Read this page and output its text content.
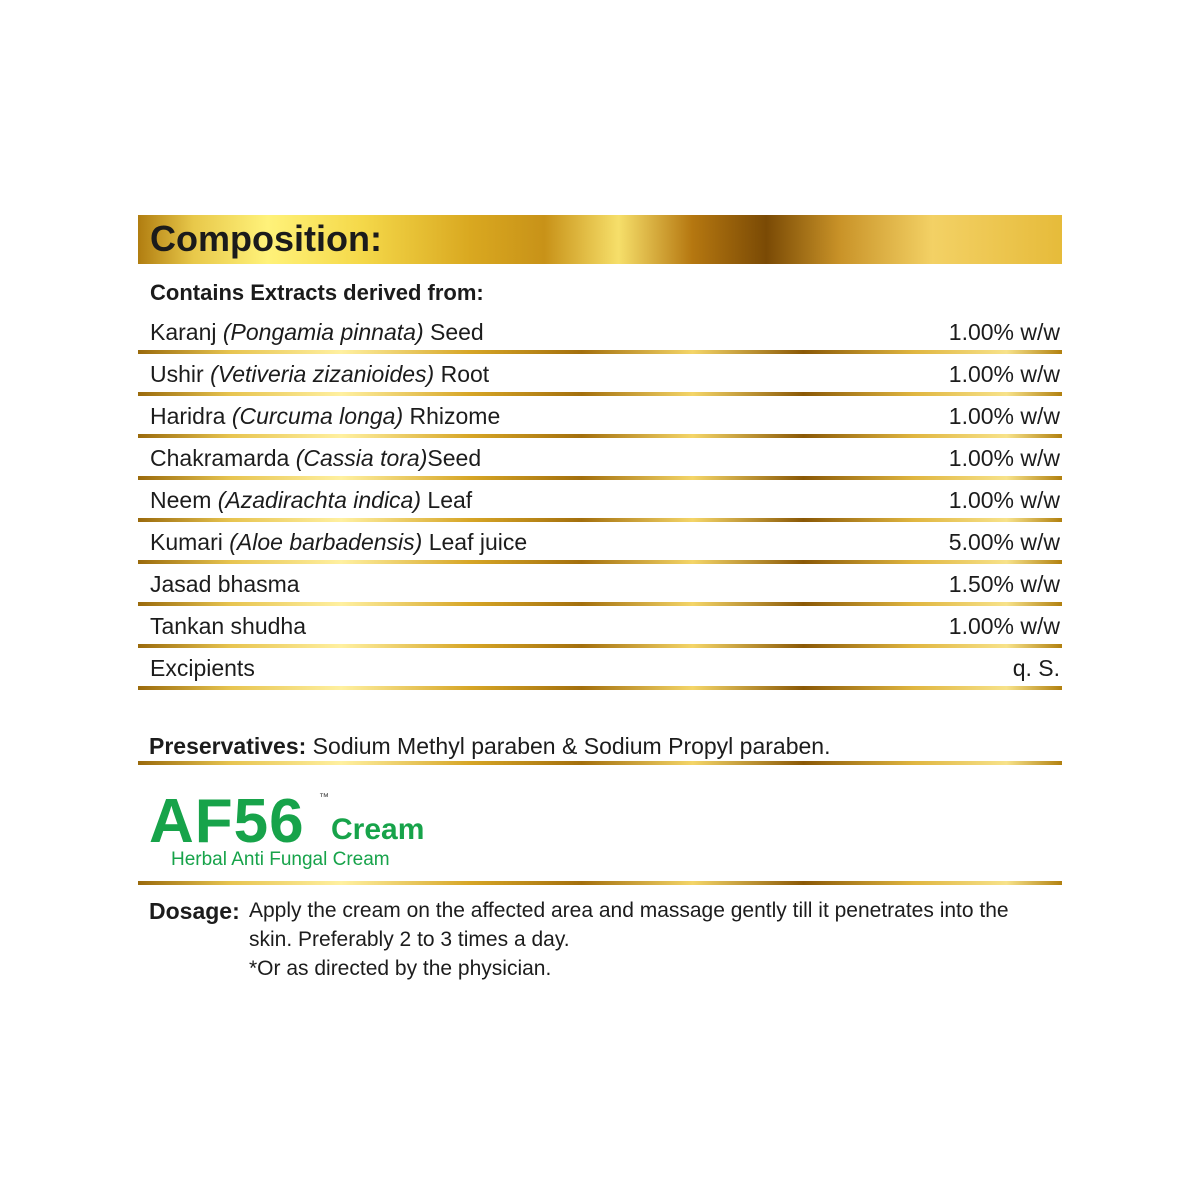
Composition:
Contains Extracts derived from:
Karanj (Pongamia pinnata) Seed	1.00% w/w
Ushir (Vetiveria zizanioides) Root	1.00% w/w
Haridra (Curcuma longa) Rhizome	1.00% w/w
Chakramarda (Cassia tora)Seed	1.00% w/w
Neem (Azadirachta indica) Leaf	1.00% w/w
Kumari (Aloe barbadensis) Leaf juice	5.00% w/w
Jasad bhasma	1.50% w/w
Tankan shudha	1.00% w/w
Excipients	q. S.
Preservatives: Sodium Methyl paraben & Sodium Propyl paraben.
AF56 ™
Cream
Herbal Anti Fungal Cream
Dosage: Apply the cream on the affected area and massage gently till it penetrates into the
skin. Preferably 2 to 3 times a day.
*Or as directed by the physician.
